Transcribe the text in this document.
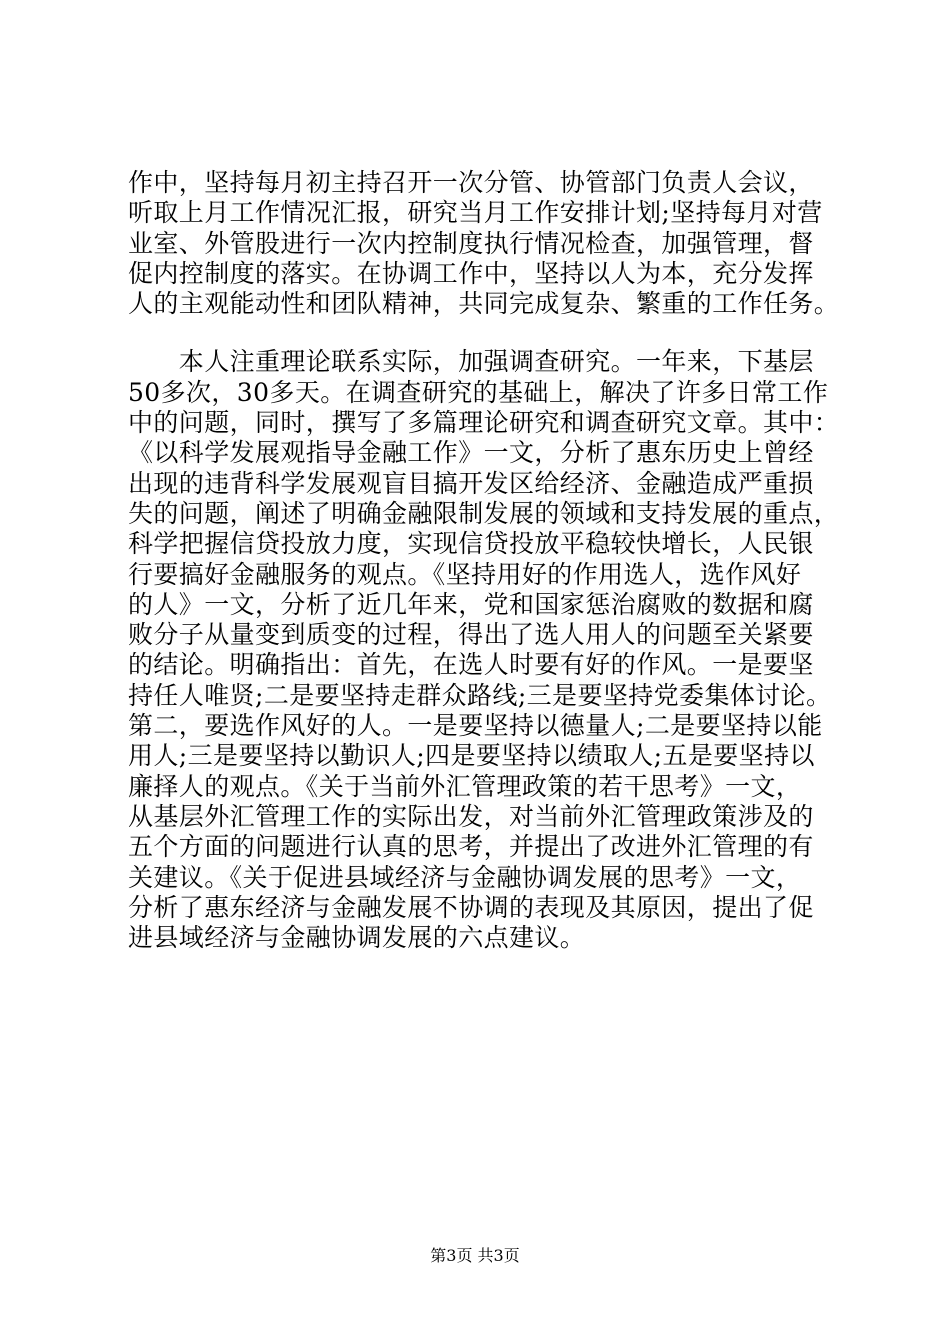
作中，坚持每月初主持召开一次分管、协管部门负责人会议，
听取上月工作情况汇报，研究当月工作安排计划;坚持每月对营
业室、外管股进行一次内控制度执行情况检查，加强管理，督
促内控制度的落实。在协调工作中，坚持以人为本，充分发挥
人的主观能动性和团队精神，共同完成复杂、繁重的工作任务。
　　本人注重理论联系实际，加强调查研究。一年来，下基层
50多次，30多天。在调查研究的基础上，解决了许多日常工作
中的问题，同时，撰写了多篇理论研究和调查研究文章。其中：
《以科学发展观指导金融工作》一文，分析了惠东历史上曾经
出现的违背科学发展观盲目搞开发区给经济、金融造成严重损
失的问题，阐述了明确金融限制发展的领域和支持发展的重点，
科学把握信贷投放力度，实现信贷投放平稳较快增长，人民银
行要搞好金融服务的观点。《坚持用好的作用选人，选作风好
的人》一文，分析了近几年来，党和国家惩治腐败的数据和腐
败分子从量变到质变的过程，得出了选人用人的问题至关紧要
的结论。明确指出：首先，在选人时要有好的作风。一是要坚
持任人唯贤;二是要坚持走群众路线;三是要坚持党委集体讨论。
第二，要选作风好的人。一是要坚持以德量人;二是要坚持以能
用人;三是要坚持以勤识人;四是要坚持以绩取人;五是要坚持以
廉择人的观点。《关于当前外汇管理政策的若干思考》一文，
从基层外汇管理工作的实际出发，对当前外汇管理政策涉及的
五个方面的问题进行认真的思考，并提出了改进外汇管理的有
关建议。《关于促进县域经济与金融协调发展的思考》一文，
分析了惠东经济与金融发展不协调的表现及其原因，提出了促
进县域经济与金融协调发展的六点建议。
第3页 共3页
